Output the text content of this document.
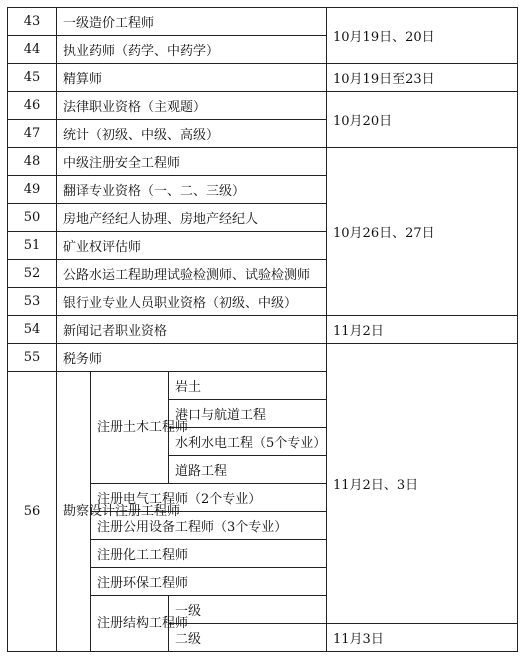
43	一级造价工程师			10月19日、20日
44	执业药师（药学、中药学）			
45	精算师			10月19日至23日
46	法律职业资格（主观题）			10月20日
47	统计（初级、中级、高级）			
48	中级注册安全工程师			10月26日、27日
49	翻译专业资格（一、二、三级）			
50	房地产经纪人协理、房地产经纪人			
51	矿业权评估师			
52	公路水运工程助理试验检测师、试验检测师			
53	银行业专业人员职业资格（初级、中级）			
54	新闻记者职业资格			11月2日
55	税务师			11月2日、3日
56	勘察设计注册工程师	注册土木工程师	岩土	
			港口与航道工程	
			水利水电工程（5个专业）	
			道路工程	
		注册电气工程师（2个专业）		
		注册公用设备工程师（3个专业）		
		注册化工工程师		
		注册环保工程师		
		注册结构工程师	一级	
			二级	11月3日
